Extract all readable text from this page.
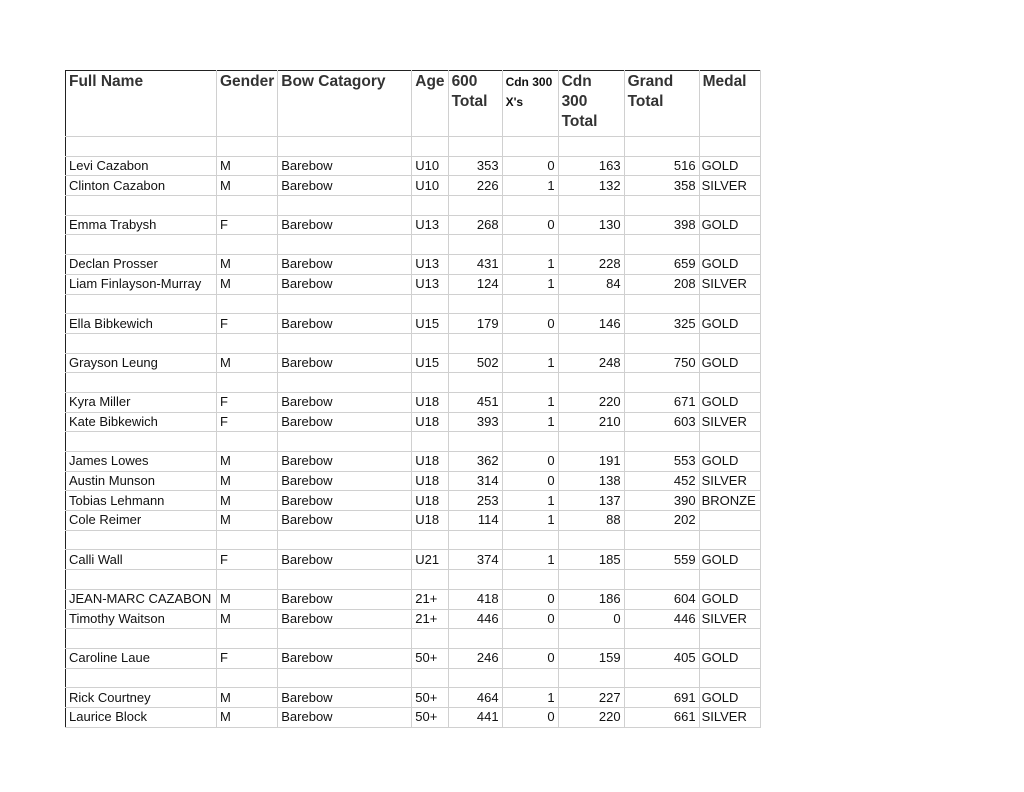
Full Name	Gender	Bow Catagory	Age	600 Total	Cdn 300 X's	Cdn 300 Total	Grand Total	Medal

Levi Cazabon	M	Barebow	U10	353	0	163	516	GOLD
Clinton Cazabon	M	Barebow	U10	226	1	132	358	SILVER

Emma Trabysh	F	Barebow	U13	268	0	130	398	GOLD

Declan Prosser	M	Barebow	U13	431	1	228	659	GOLD
Liam Finlayson-Murray	M	Barebow	U13	124	1	84	208	SILVER

Ella Bibkewich	F	Barebow	U15	179	0	146	325	GOLD

Grayson Leung	M	Barebow	U15	502	1	248	750	GOLD

Kyra Miller	F	Barebow	U18	451	1	220	671	GOLD
Kate Bibkewich	F	Barebow	U18	393	1	210	603	SILVER

James Lowes	M	Barebow	U18	362	0	191	553	GOLD
Austin Munson	M	Barebow	U18	314	0	138	452	SILVER
Tobias Lehmann	M	Barebow	U18	253	1	137	390	BRONZE
Cole Reimer	M	Barebow	U18	114	1	88	202	

Calli Wall	F	Barebow	U21	374	1	185	559	GOLD

JEAN-MARC CAZABON	M	Barebow	21+	418	0	186	604	GOLD
Timothy Waitson	M	Barebow	21+	446	0	0	446	SILVER

Caroline Laue	F	Barebow	50+	246	0	159	405	GOLD

Rick Courtney	M	Barebow	50+	464	1	227	691	GOLD
Laurice Block	M	Barebow	50+	441	0	220	661	SILVER
